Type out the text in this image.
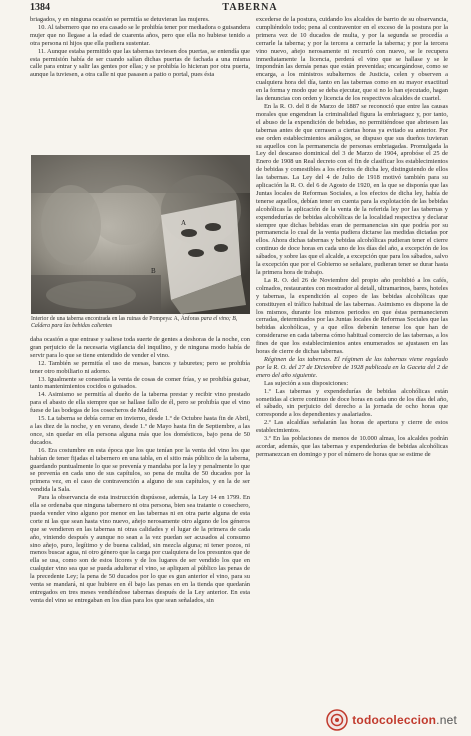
1384	TABERNA

briagados, y en ninguna ocasión se permitía se detuvieran las mujeres.

10. Al tabernero que no era casado se le prohibía tener por mediadora o guisandera mujer que no llegase a la edad de cuarenta años, pero que ella no hubiese tenido a otra persona ni hijos que ella pudiera sustentar.

11. Aunque estaba permitido que las tabernas tuviesen dos puertas, se entendía que esta permisión había de ser cuando salían dichas puertas de fachada a una misma calle para entrar y salir las gentes por ellas; y se prohibía lo hicieran por otra puerta, aunque la tuviesen, a otra calle ni que pasasen a patio o portal, pues ésta

A
B
Interior de una taberna encontrada en las ruinas de Pompeya: A, Ánforas para el vino; B, Caldera para las bebidas calientes

daba ocasión a que entrase y saliese toda suerte de gentes a deshoras de la noche, con gran perjuicio de la necesaria vigilancia del inquilino, y de ninguna modo había de servir para lo que se tiene entendido de vender el vino.

12. También se permitía el uso de mesas, bancos y taburetes; pero se prohibía tener otro mobiliario ni adorno.

13. Igualmente se consentía la venta de cosas de comer frías, y se prohibía guisar, tanto mantenimientos cocidos o guisados.

14. Asimismo se permitía al dueño de la taberna prestar y recibir vino prestado para el abasto de ella siempre que se hallase fallo de él, pero se prohibía que el vino fuese de las bodegas de los cosecheros de Madrid.

15. La taberna se debía cerrar en invierno, desde 1.º de Octubre hasta fin de Abril, a las diez de la noche, y en verano, desde 1.º de Mayo hasta fin de Septiembre, a las once, sin quedar en ella persona alguna más que los domésticos, bajo pena de 50 ducados.

16. Era costumbre en esta época que los que tenían por la venta del vino los que habían de tener fijadas el tabernero en una tabla, en el sitio más público de la taberna, guardando puntualmente lo que se prevenía y mandaba por la ley y penalmente lo que se prevenía en cada uno de sus capítulos, so pena de multa de 50 ducados por la primera vez, en el caso de contravención a alguno de sus capítulos, y en la de ser vendida la Sala.

Para la observancia de esta instrucción dispúsose, además, la Ley 14 en 1799. En ella se ordenaba que ninguna tabernero ni otra persona, bien sea tratante o cosechero, pueda vender vino alguno por menor en las tabernas ni en otra parte alguna de esta corte ni las que sean hasta vino nuevo, añejo nerosamente otro alguno de los géneros que se vendieren en las tabernas ni otras calidades y el lugar de la primera de cada año, viniendo después y aunque no sean a la vez puedan ser acusados al consumo sino añejo, puro, legítimo y de buena calidad, sin mezcla alguna; ni tener pozos, ni menos buscar agua, ni otro género que la carga por cualquiera de los presuntos que de ella se usa, como son de estos licores y de los lugares de ser vendido los que en cualquier vino sea que se pueda adulterar el vino, se apliquen al público las penas de la precedente Ley; la pena de 50 ducados por lo que es gun anterior el vino, para su venta se mandará, ni que hubiere en él bajo las penas en en la tienda que quedarán entregados en tres meses vendiéndose tabernas después de la Ley anterior. En esta venta del vino se entregaban en los días para los que sean señalados, sin

excederse de la postura, cuidando los alcaldes de barrio de su observancia, cumpliéndolo todo; pena al contraventor en el exceso de la postura por la primera vez de 10 ducados de multa, y por la segunda se procedía a cerrarle la taberna; y por la tercera a cerrarle la taberna; y por la tercera vino nuevo, añejo nerosamente ni recurrió con nuevo, se le recupera inmediatamente la licencia, perderá el vino que se hallase y se le impondrán las demás penas que están prevenidas; encargándose, como se encarga, a los ministros subalternos de Justicia, celen y observen a cualquiera hora del día, tanto en las tabernas como en su mayor exactitud en la forma y modo que se deba ejecutar, que si no lo han ejecutado, hagan las denuncias con orden y licencia de los respectivos alcaldes de cuartel.

En la R. O. del 8 de Marzo de 1887 se reconoció que entre las causas morales que engendran la criminalidad figura la embriaguez y, por tanto, el abuso de la expendición de bebidas, no permitiéndose que abriesen las tabernas antes de que cerrasen a ciertas horas ya evitado su anterior. Por ese orden establecimientos análogos, se dispuso que sus dueños tuvieran su aquellos con la permanencia de personas embriagadas. Promulgada la Ley del descanso dominical del 3 de Marzo de 1904, aprobóse el 25 de Enero de 1908 un Real decreto con el fin de clasificar los establecimientos de bebidas y comestibles a los efectos de dicha ley, distinguiendo de ellos las tabernas. La Ley del 4 de Julio de 1918 motivó también para su aplicación la R. O. del 6 de Agosto de 1920, en la que se disponía que las Juntas locales de Reformas Sociales, a los efectos de dicha ley, había de tenerse aquellos, debían tener en cuenta para la explotación de las bebidas alcohólicas la aplicación de la venta de la referida ley por las tabernas y expendedurías de bebidas alcohólicas de la localidad respectiva y declarar siempre que dichas bebidas eran de permanencias sin que podría por su permanencia lo cual de la venta pudiera dictarse las medidas dictadas por ellos. Ahora dichas tabernas y bebidas alcohólicas pudieran tener el cierre continuo de doce horas en cada uno de los días del año, a excepción de los sábados, y sobre las que el alcalde, a excepción que para los sábados, salvo la excepción que por el Gobierno se señalare, pudieran tener se durar hasta la primera hora de trabajo.

La R. O. del 26 de Noviembre del propio año prohibió a los cafés, colmados, restaurantes con mostrador al detall, ultramarinos, bares, hoteles y tabernas, la expendición al copeo de las bebidas alcohólicas que constituyen el tráfico habitual de las tabernas. Asimismo es dispone la de los mismos, durante los mismos periodos en que éstas permanecieren cerradas, determinados por las Juntas locales de Reformas Sociales que las bebidas alcohólicas, y a que ellos deberán tenerse los que han de considerarse en cada taberna cómo habitual comercio de las tabernas, a los fines de que los establecimientos antes enumerados se ajustasen en las horas de cierre de dichas tabernas.

Régimen de las tabernas. El régimen de las tabernas viene regulado por la R. O. del 27 de Diciembre de 1928 publicada en la Gaceta del 2 de enero del año siguiente.

Las sujeción a sus disposiciones:

1.º Las tabernas y expendedurías de bebidas alcohólicas están sometidas al cierre continuo de doce horas en cada uno de los días del año, el sábado, sin perjuicio del derecho a la jornada de ocho horas que corresponde a los dependientes y asalariados.

2.º Las alcaldías señalarán las horas de apertura y cierre de estos establecimientos.

3.º En las poblaciones de menos de 10.000 almas, los alcaldes podrán acordar, además, que las tabernas y expendedurías de bebidas alcohólicas permanezcan en domingo y por el número de horas que se estime de

todocoleccion.net
